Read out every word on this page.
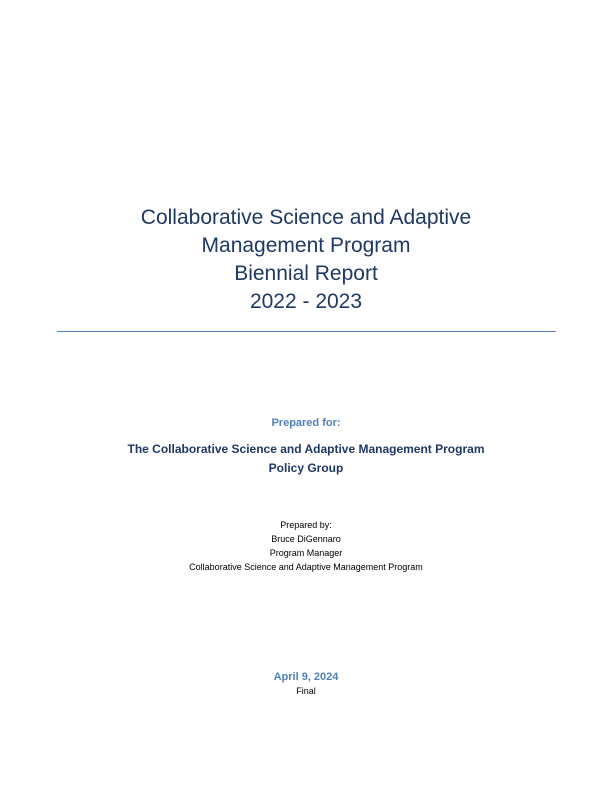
Collaborative Science and Adaptive
Management Program
Biennial Report
2022 - 2023
Prepared for:
The Collaborative Science and Adaptive Management Program
Policy Group
Prepared by:
Bruce DiGennaro
Program Manager
Collaborative Science and Adaptive Management Program
April 9, 2024
Final
